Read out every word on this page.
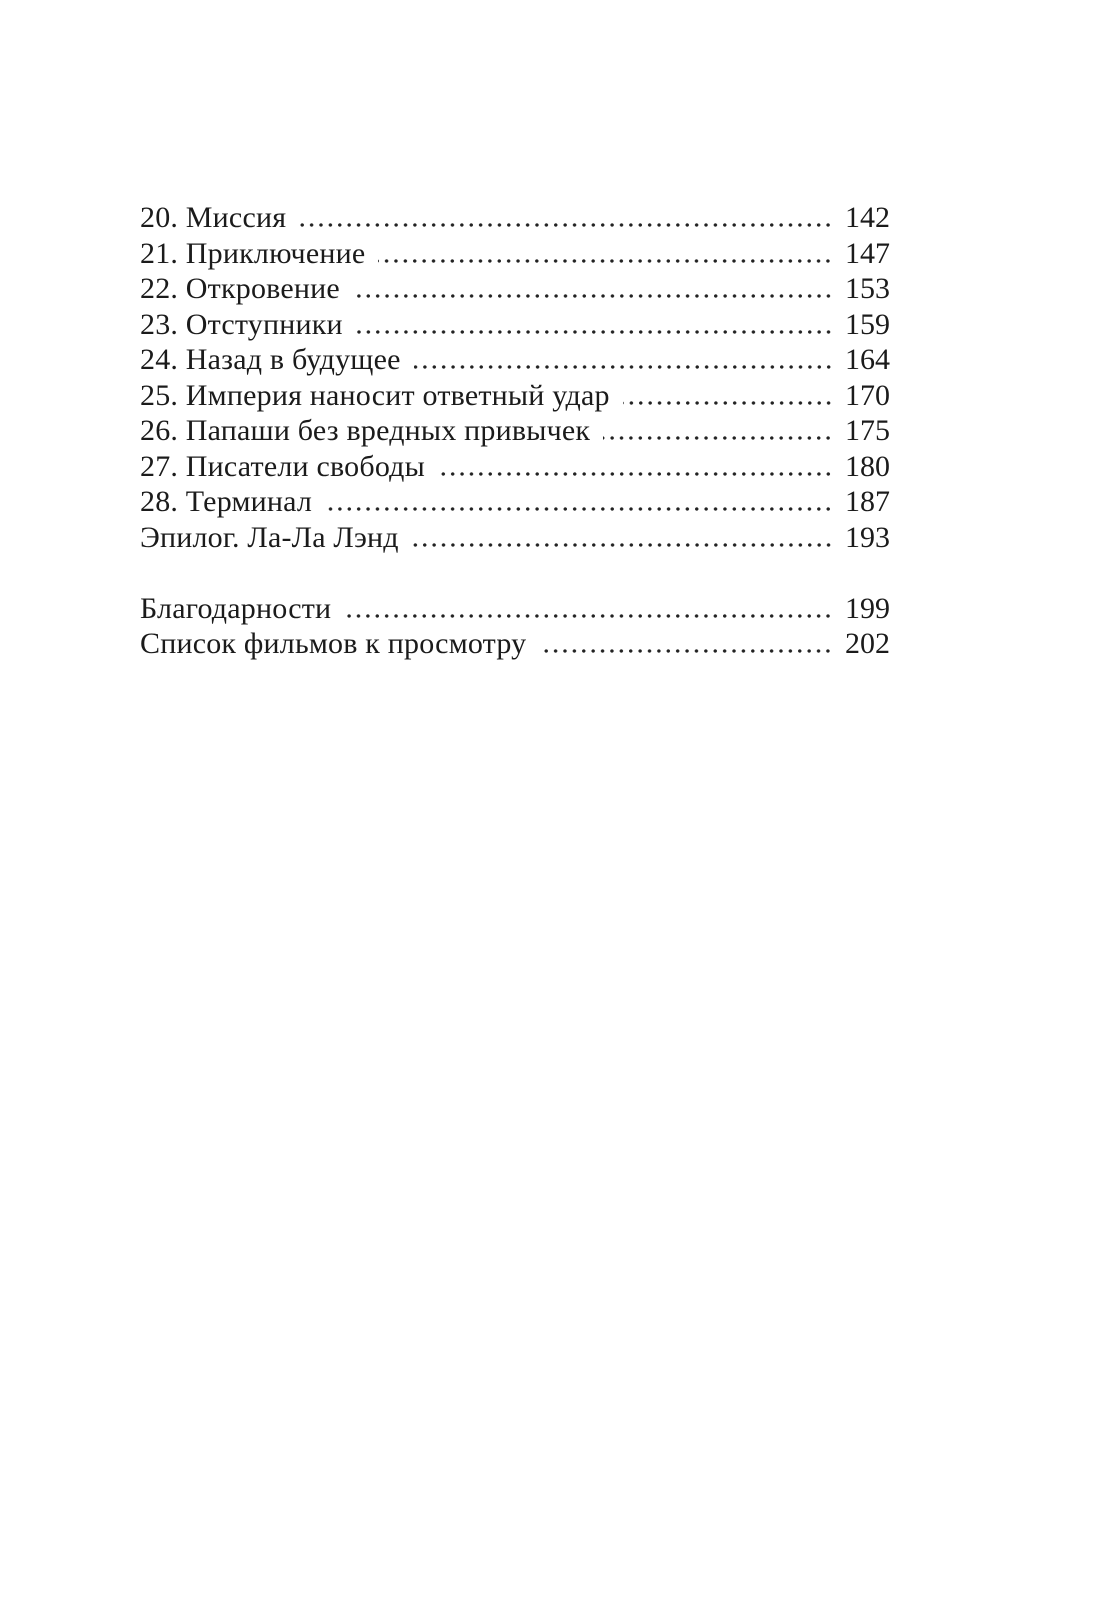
20. Миссия	142
21. Приключение	147
22. Откровение	153
23. Отступники	159
24. Назад в будущее	164
25. Империя наносит ответный удар	170
26. Папаши без вредных привычек	175
27. Писатели свободы	180
28. Терминал	187
Эпилог. Ла-Ла Лэнд	193
Благодарности	199
Список фильмов к просмотру	202
